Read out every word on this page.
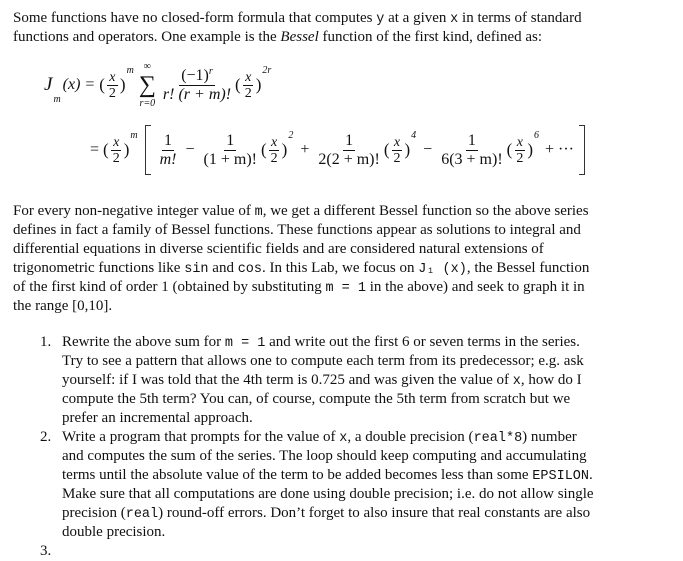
Some functions have no closed-form formula that computes y at a given x in terms of standard
functions and operators. One example is the Bessel function of the first kind, defined as:
J
m
(x) = ( $\frac{x}{2}$ )
m ∞
∑
$r=0 \frac{(-1)^r}{r! (r + m)!}$ ( $\frac{x}{2}$ )
2r
= ( $\frac{x}{2}$ )
m $\frac{1}{m!} - \frac{1}{(1 + m)!}$ ( $\frac{x}{2}$ )
2
+ $\frac{1}{2(2 + m)!}$ ( $\frac{x}{2}$ )
4
− $\frac{1}{6(3 + m)!}$ ( $\frac{x}{2}$ )
6
+ ···
For every non-negative integer value of m, we get a different Bessel function so the above series
defines in fact a family of Bessel functions. These functions appear as solutions to integral and
differential equations in diverse scientific fields and are considered natural extensions of
trigonometric functions like sin and cos. In this Lab, we focus on J₁ (x), the Bessel function
of the first kind of order 1 (obtained by substituting m = 1 in the above) and seek to graph it in
the range [0,10].
1. Rewrite the above sum for m = 1 and write out the first 6 or seven terms in the series.
Try to see a pattern that allows one to compute each term from its predecessor; e.g. ask
yourself: if I was told that the 4th term is 0.725 and was given the value of x, how do I
compute the 5th term? You can, of course, compute the 5th term from scratch but we
prefer an incremental approach.
2. Write a program that prompts for the value of x, a double precision (real*8) number
and computes the sum of the series. The loop should keep computing and accumulating
terms until the absolute value of the term to be added becomes less than some EPSILON.
Make sure that all computations are done using double precision; i.e. do not allow single
precision (real) round-off errors. Don’t forget to also insure that real constants are also
double precision.
3.
